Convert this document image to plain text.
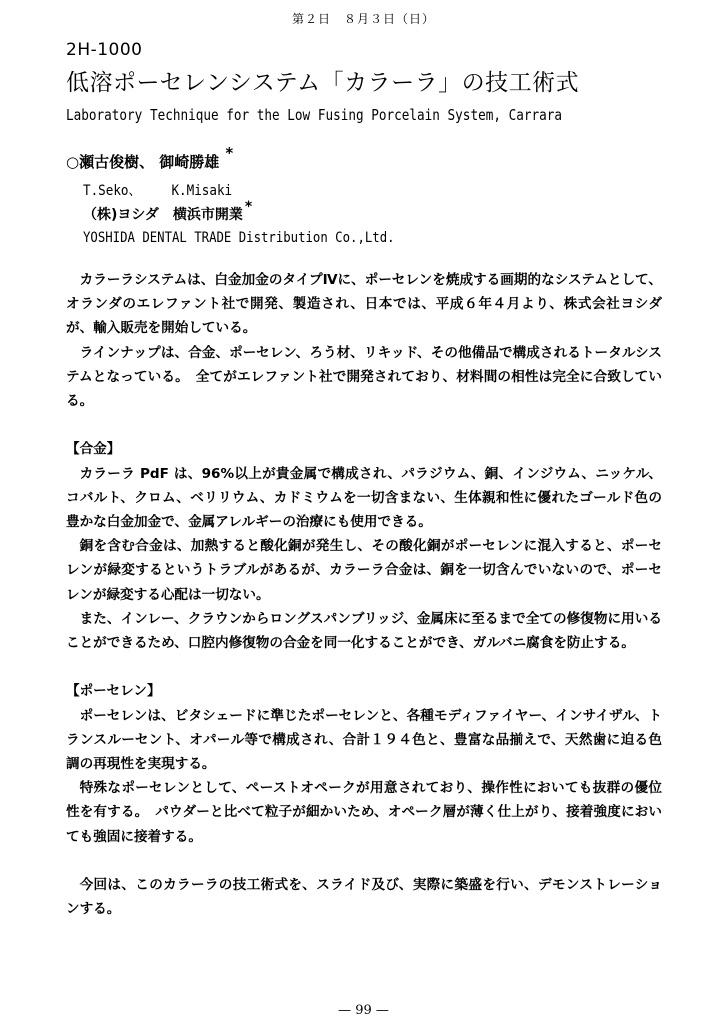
第２日　８月３日（日）
2H-1000
低溶ポーセレンシステム「カラーラ」の技工術式
Laboratory Technique for the Low Fusing Porcelain System, Carrara
○瀬古俊樹、 御崎勝雄 *
T.Seko、    K.Misaki
（株)ヨシダ　横浜市開業 *
YOSHIDA DENTAL TRADE Distribution Co.,Ltd.

カラーラシステムは、白金加金のタイプⅣに、ポーセレンを焼成する画期的なシステムとして、オランダのエレファント社で開発、製造され、日本では、平成６年４月より、株式会社ヨシダが、輸入販売を開始している。

ラインナップは、合金、ポーセレン、ろう材、リキッド、その他備品で構成されるトータルシステムとなっている。　全てがエレファント社で開発されており、材料間の相性は完全に合致している。

【合金】

カラーラ PdF は、96%以上が貴金属で構成され、パラジウム、銅、インジウム、ニッケル、コバルト、クロム、ベリリウム、カドミウムを一切含まない、生体親和性に優れたゴールド色の豊かな白金加金で、金属アレルギーの治療にも使用できる。

銅を含む合金は、加熱すると酸化銅が発生し、その酸化銅がポーセレンに混入すると、ポーセレンが緑変するというトラブルがあるが、カラーラ合金は、銅を一切含んでいないので、ポーセレンが緑変する心配は一切ない。

また、インレー、クラウンからロングスパンブリッジ、金属床に至るまで全ての修復物に用いることができるため、口腔内修復物の合金を同一化することができ、ガルバニ腐食を防止する。

【ポーセレン】

ポーセレンは、ビタシェードに準じたポーセレンと、各種モディファイヤー、インサイザル、トランスルーセント、オパール等で構成され、合計１９４色と、豊富な品揃えで、天然歯に迫る色調の再現性を実現する。

特殊なポーセレンとして、ペーストオペークが用意されており、操作性においても抜群の優位性を有する。　パウダーと比べて粒子が細かいため、オペーク層が薄く仕上がり、接着強度においても強固に接着する。

今回は、このカラーラの技工術式を、スライド及び、実際に築盛を行い、デモンストレーションする。

— 99 —
